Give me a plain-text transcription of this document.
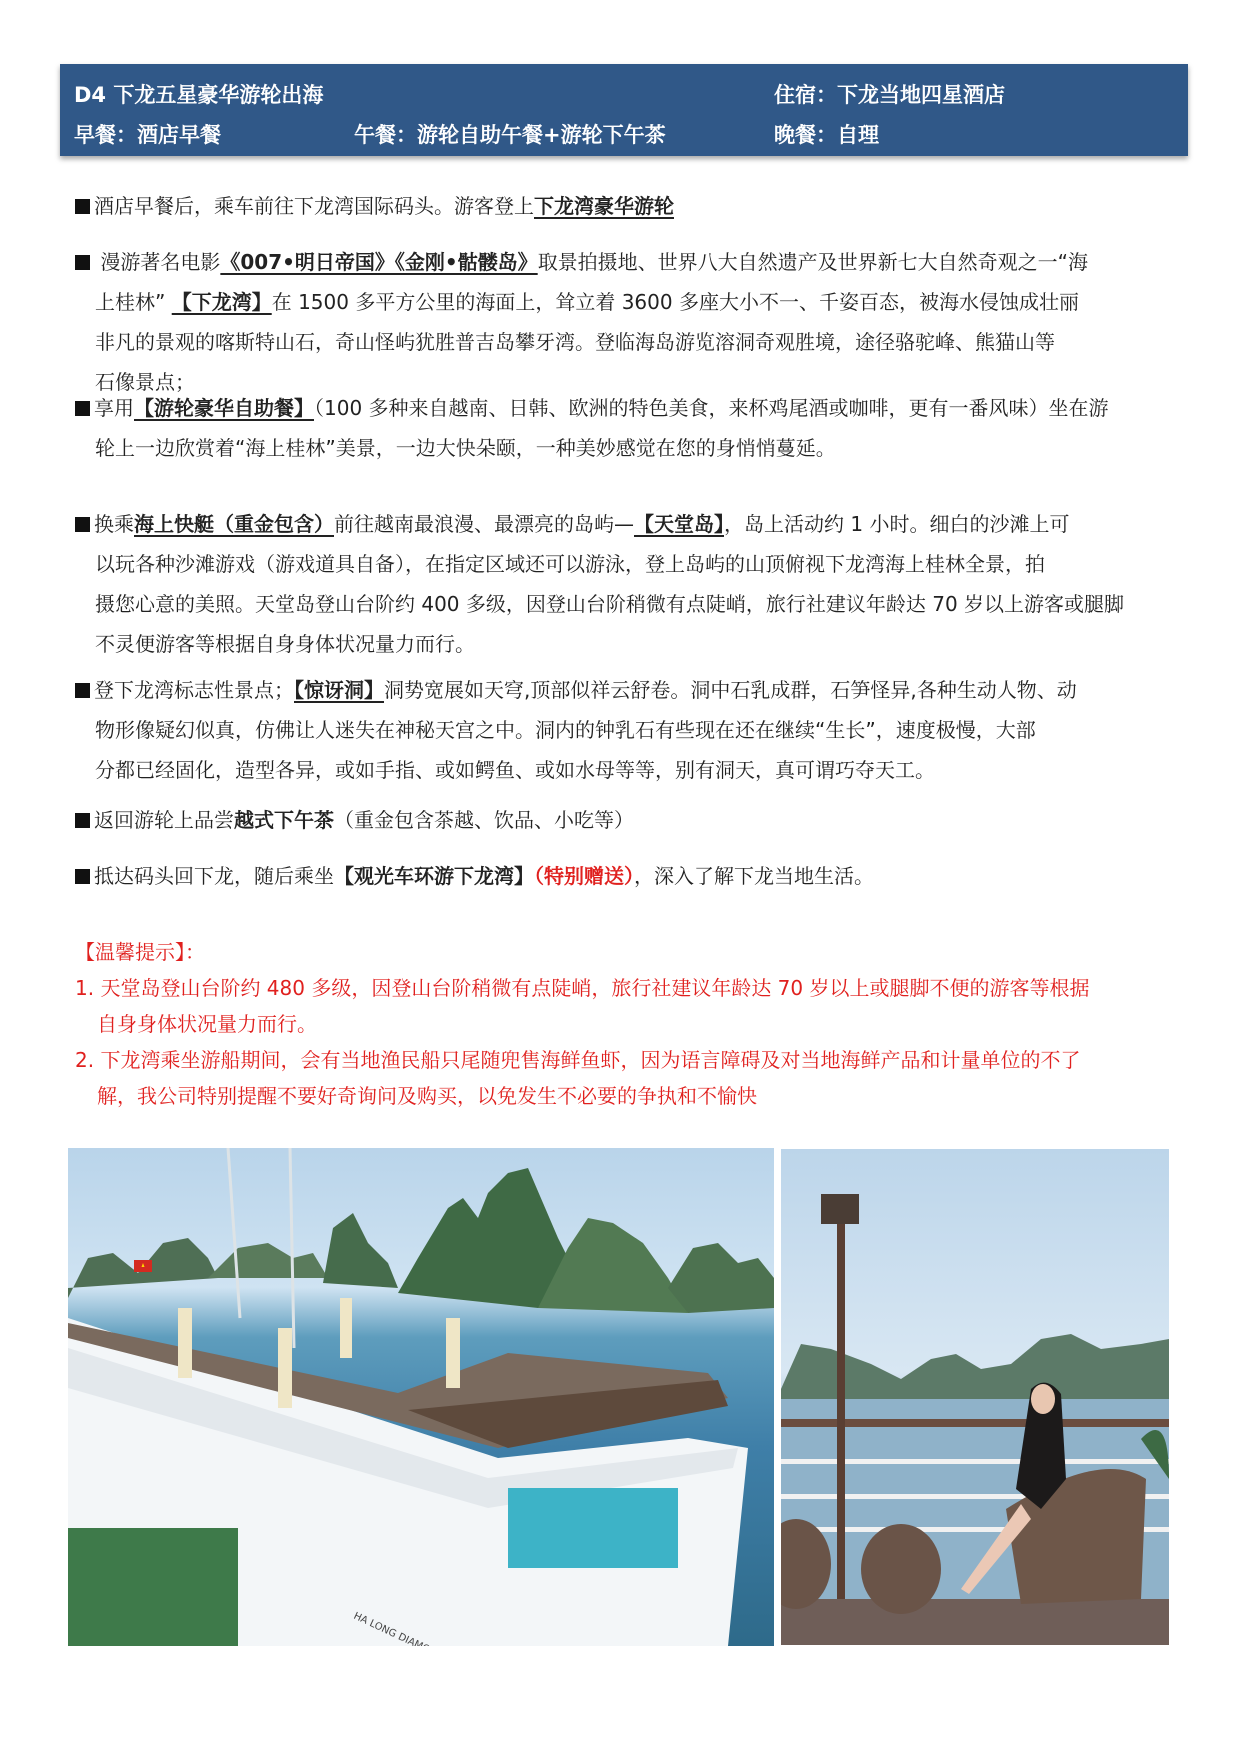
D4 下龙五星豪华游轮出海	住宿：下龙当地四星酒店
早餐：酒店早餐	午餐：游轮自助午餐+游轮下午茶	晚餐：自理
酒店早餐后，乘车前往下龙湾国际码头。游客登上下龙湾豪华游轮
漫游著名电影《007•明日帝国》《金刚•骷髅岛》取景拍摄地、世界八大自然遗产及世界新七大自然奇观之一“海
上桂林” 【下龙湾】在 1500 多平方公里的海面上，耸立着 3600 多座大小不一、千姿百态，被海水侵蚀成壮丽
非凡的景观的喀斯特山石，奇山怪屿犹胜普吉岛攀牙湾。登临海岛游览溶洞奇观胜境，途径骆驼峰、熊猫山等
石像景点；
享用【游轮豪华自助餐】（100 多种来自越南、日韩、欧洲的特色美食，来杯鸡尾酒或咖啡，更有一番风味）坐在游
轮上一边欣赏着“海上桂林”美景，一边大快朵颐，一种美妙感觉在您的身悄悄蔓延。
换乘海上快艇（重金包含）前往越南最浪漫、最漂亮的岛屿—【天堂岛】，岛上活动约 1 小时。细白的沙滩上可
以玩各种沙滩游戏（游戏道具自备），在指定区域还可以游泳，登上岛屿的山顶俯视下龙湾海上桂林全景，拍
摄您心意的美照。天堂岛登山台阶约 400 多级，因登山台阶稍微有点陡峭，旅行社建议年龄达 70 岁以上游客或腿脚
不灵便游客等根据自身身体状况量力而行。
登下龙湾标志性景点；【惊讶洞】洞势宽展如天穹,顶部似祥云舒卷。洞中石乳成群，石笋怪异,各种生动人物、动
物形像疑幻似真，仿佛让人迷失在神秘天宫之中。洞内的钟乳石有些现在还在继续“生长”，速度极慢，大部
分都已经固化，造型各异，或如手指、或如鳄鱼、或如水母等等，别有洞天，真可谓巧夺天工。
返回游轮上品尝越式下午茶（重金包含茶越、饮品、小吃等）
抵达码头回下龙，随后乘坐【观光车环游下龙湾】（特别赠送），深入了解下龙当地生活。
【温馨提示】：
1. 天堂岛登山台阶约 480 多级，因登山台阶稍微有点陡峭，旅行社建议年龄达 70 岁以上或腿脚不便的游客等根据
自身身体状况量力而行。
2. 下龙湾乘坐游船期间，会有当地渔民船只尾随兜售海鲜鱼虾，因为语言障碍及对当地海鲜产品和计量单位的不了
解，我公司特别提醒不要好奇询问及购买，以免发生不必要的争执和不愉快
